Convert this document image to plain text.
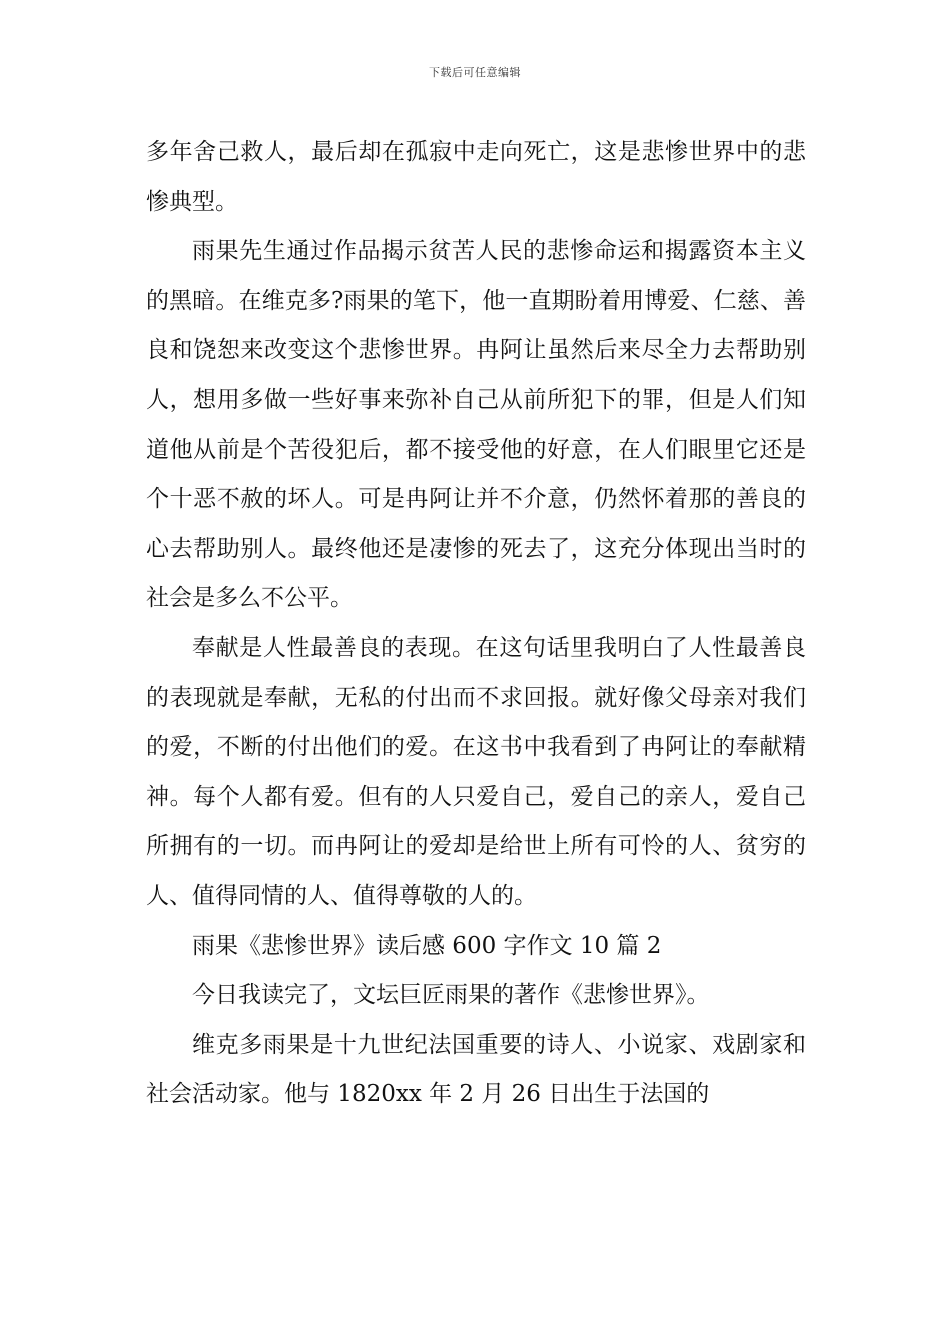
下载后可任意编辑

多年舍己救人，最后却在孤寂中走向死亡，这是悲惨世界中的悲惨典型。

雨果先生通过作品揭示贫苦人民的悲惨命运和揭露资本主义的黑暗。在维克多?雨果的笔下，他一直期盼着用博爱、仁慈、善良和饶恕来改变这个悲惨世界。冉阿让虽然后来尽全力去帮助别人，想用多做一些好事来弥补自己从前所犯下的罪，但是人们知道他从前是个苦役犯后，都不接受他的好意，在人们眼里它还是个十恶不赦的坏人。可是冉阿让并不介意，仍然怀着那的善良的心去帮助别人。最终他还是凄惨的死去了，这充分体现出当时的社会是多么不公平。

奉献是人性最善良的表现。在这句话里我明白了人性最善良的表现就是奉献，无私的付出而不求回报。就好像父母亲对我们的爱，不断的付出他们的爱。在这书中我看到了冉阿让的奉献精神。每个人都有爱。但有的人只爱自己，爱自己的亲人，爱自己所拥有的一切。而冉阿让的爱却是给世上所有可怜的人、贫穷的人、值得同情的人、值得尊敬的人的。

雨果《悲惨世界》读后感 600 字作文 10 篇 2

今日我读完了，文坛巨匠雨果的著作《悲惨世界》。

维克多雨果是十九世纪法国重要的诗人、小说家、戏剧家和社会活动家。他与 1820xx 年 2 月 26 日出生于法国的
